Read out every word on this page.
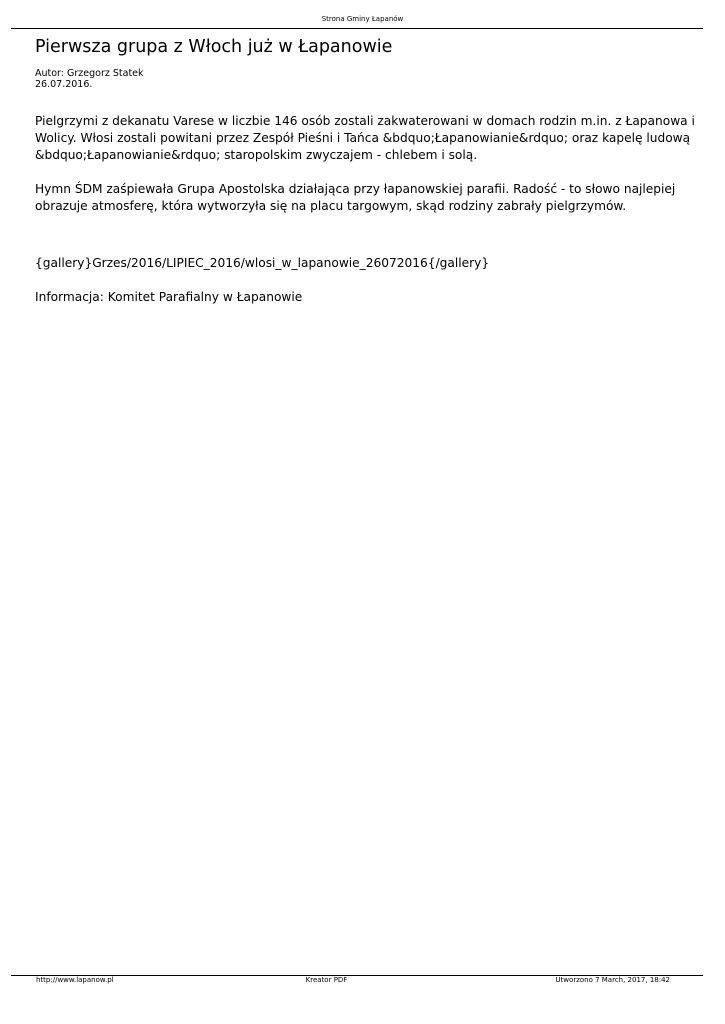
Strona Gminy Łapanów
Pierwsza grupa z Włoch już w Łapanowie
Autor: Grzegorz Statek
26.07.2016.

Pielgrzymi z dekanatu Varese w liczbie 146 osób zostali zakwaterowani w domach rodzin m.in. z Łapanowa i Wolicy. Włosi zostali powitani przez Zespół Pieśni i Tańca &bdquo;Łapanowianie&rdquo; oraz kapelę ludową &bdquo;Łapanowianie&rdquo; staropolskim zwyczajem - chlebem i solą.

Hymn ŚDM zaśpiewała Grupa Apostolska działająca przy łapanowskiej parafii. Radość - to słowo najlepiej obrazuje atmosferę, która wytworzyła się na placu targowym, skąd rodziny zabrały pielgrzymów.

{gallery}Grzes/2016/LIPIEC_2016/wlosi_w_lapanowie_26072016{/gallery}

Informacja: Komitet Parafialny w Łapanowie

http://www.lapanow.pl	Kreator PDF	Utworzono 7 March, 2017, 18:42
